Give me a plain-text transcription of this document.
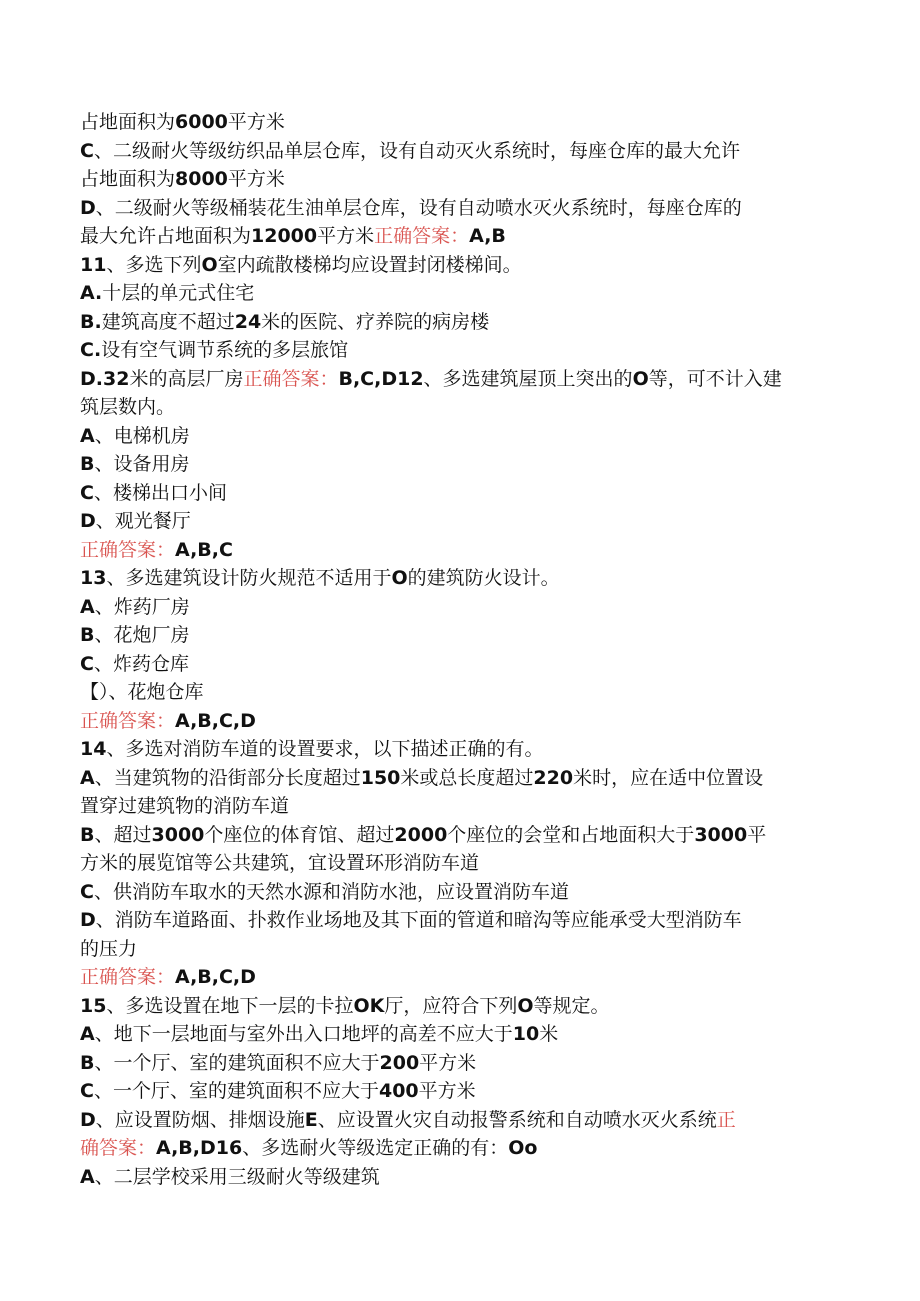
占地面积为6000平方米
C、二级耐火等级纺织品单层仓库，设有自动灭火系统时，每座仓库的最大允许
占地面积为8000平方米
D、二级耐火等级桶装花生油单层仓库，设有自动喷水灭火系统时，每座仓库的
最大允许占地面积为12000平方米正确答案：A,B
11、多选下列O室内疏散楼梯均应设置封闭楼梯间。
A.十层的单元式住宅
B.建筑高度不超过24米的医院、疗养院的病房楼
C.设有空气调节系统的多层旅馆
D.32米的高层厂房正确答案：B,C,D12、多选建筑屋顶上突出的O等，可不计入建
筑层数内。
A、电梯机房
B、设备用房
C、楼梯出口小间
D、观光餐厅
正确答案：A,B,C
13、多选建筑设计防火规范不适用于O的建筑防火设计。
A、炸药厂房
B、花炮厂房
C、炸药仓库
【）、花炮仓库
正确答案：A,B,C,D
14、多选对消防车道的设置要求，以下描述正确的有。
A、当建筑物的沿街部分长度超过150米或总长度超过220米时，应在适中位置设
置穿过建筑物的消防车道
B、超过3000个座位的体育馆、超过2000个座位的会堂和占地面积大于3000平
方米的展览馆等公共建筑，宜设置环形消防车道
C、供消防车取水的天然水源和消防水池，应设置消防车道
D、消防车道路面、扑救作业场地及其下面的管道和暗沟等应能承受大型消防车
的压力
正确答案：A,B,C,D
15、多选设置在地下一层的卡拉OK厅，应符合下列O等规定。
A、地下一层地面与室外出入口地坪的高差不应大于10米
B、一个厅、室的建筑面积不应大于200平方米
C、一个厅、室的建筑面积不应大于400平方米
D、应设置防烟、排烟设施E、应设置火灾自动报警系统和自动喷水灭火系统正
确答案：A,B,D16、多选耐火等级选定正确的有：Oo
A、二层学校采用三级耐火等级建筑
